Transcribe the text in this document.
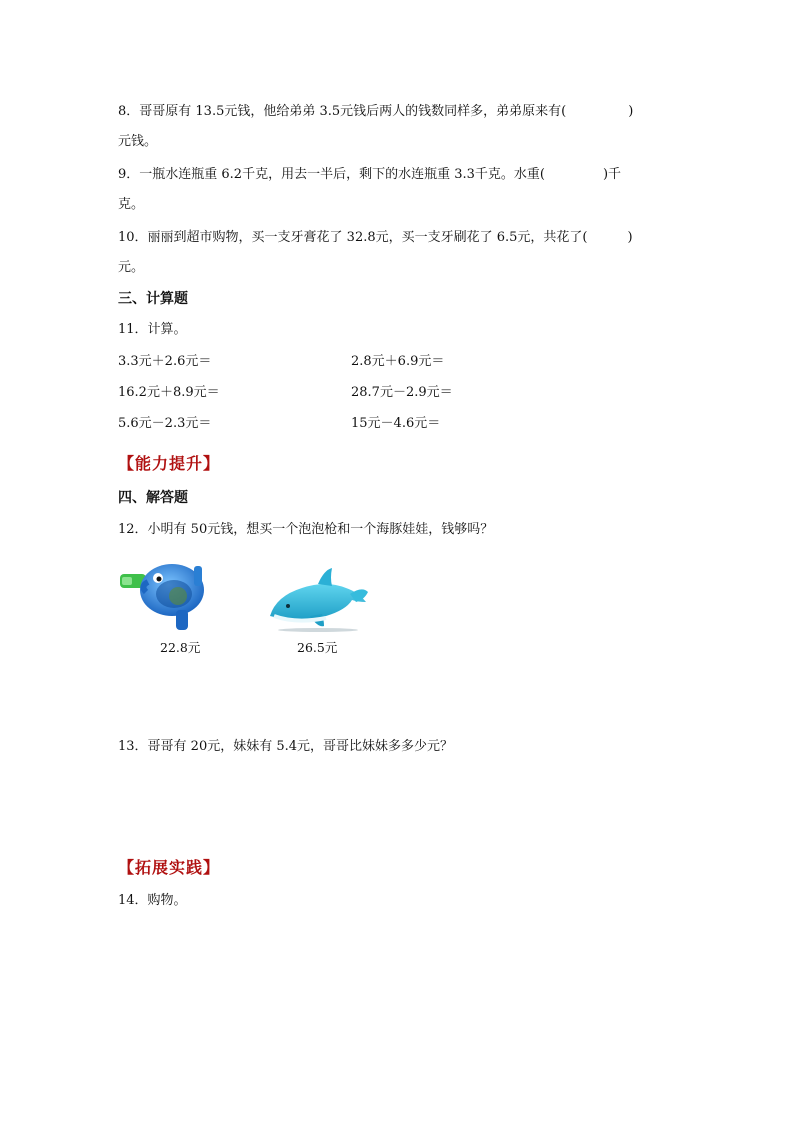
8．哥哥原有 13.5元钱，他给弟弟 3.5元钱后两人的钱数同样多，弟弟原来有(	)
元钱。
9．一瓶水连瓶重 6.2千克，用去一半后，剩下的水连瓶重 3.3千克。水重(	)千
克。
10．丽丽到超市购物，买一支牙膏花了 32.8元，买一支牙刷花了 6.5元，共花了(	)
元。
三、计算题
11．计算。
3.3元＋2.6元＝	2.8元＋6.9元＝
16.2元＋8.9元＝	28.7元－2.9元＝
5.6元－2.3元＝	15元－4.6元＝
【能力提升】
四、解答题
12．小明有 50元钱，想买一个泡泡枪和一个海豚娃娃，钱够吗？
22.8元	26.5元
13．哥哥有 20元，妹妹有 5.4元，哥哥比妹妹多多少元？
【拓展实践】
14．购物。
